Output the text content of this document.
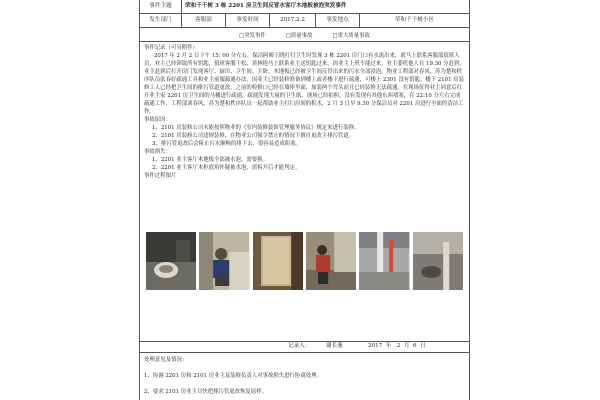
事件主题	荣和千千树 3 栋 2201 房卫生间反冒水客厅木地板被泡突发事件
发生部门	客服部	事发时间	2017.2.2	事发地点	荣和千千树小区
□突发事件	□质量事故	□重大质量事故
事件记录（可另附件）

2017 年 2 月 2 日下午 15: 00 分左右，保洁阿姨王晓打扫卫生时发现 3 栋 2201 房门口有水流出来，就马上联系客服部值班人员，业主已经领取所有钥匙，值班客服于松、黄林艳马上联系业主送钥匙过来，因业主上班不能过来，业主委托他人在 19.30 分赶到，业主赶到后打开房门发现客厅、厨房、卫生间、主卧、木地板已经被卫生间反冒出来的污水全部浸泡。物业工程部对春风、苏为楚和秩序队员张春好疏通工具和业主前服疏通办法，因业主已经装修准备到楼上或者楼下进行疏通，可楼上 2301 没有钥匙。楼下 2101 房装修工人已经把卫生间的排污管道更改，之前的检修口已经在墙体里面，加装两个弯头而且已经装修无法疏通。在现场征得业主同意后打开业主家 2201 房卫生间的马桶进行疏通，疏通发现大量的卫生纸，现场已经拍照，没有发现有其他东西堵塞，在 22:10 分左右完成疏通工作，工程部刘春风、苏为楚和秩序队员一起帮助业主打扫房间的积水，2 月 3 日早 9.30 分保洁员对 2201 房进行全面的清洁工作。

事故原因：

1、2101 房装修公司未能按照物业的《室内装修装饰管理服务协议》规定来进行装修。

2、2101 房装修公司违规装修，在物业公司强令禁止的情况下擅自更改主排污管道。

3、排污管更改后会阻止污水顺畅的排下去，很容易造成阻塞。

事故损失：

1、2201 业主客厅木地板全部被水泡，需要换。

2、2201 业主客厅木柜底角怀疑被水泡，需拆开后才能判定。

事件过程图片
记录人：	谢长葱	2017  年   2  月  6  日
处理意见及情况：
1、协调 2201 房和 2101 房业主及装修负责人对事故损失进行协商处理。
2、要求 2101 房业主尽快把排污管更改恢复原样。
